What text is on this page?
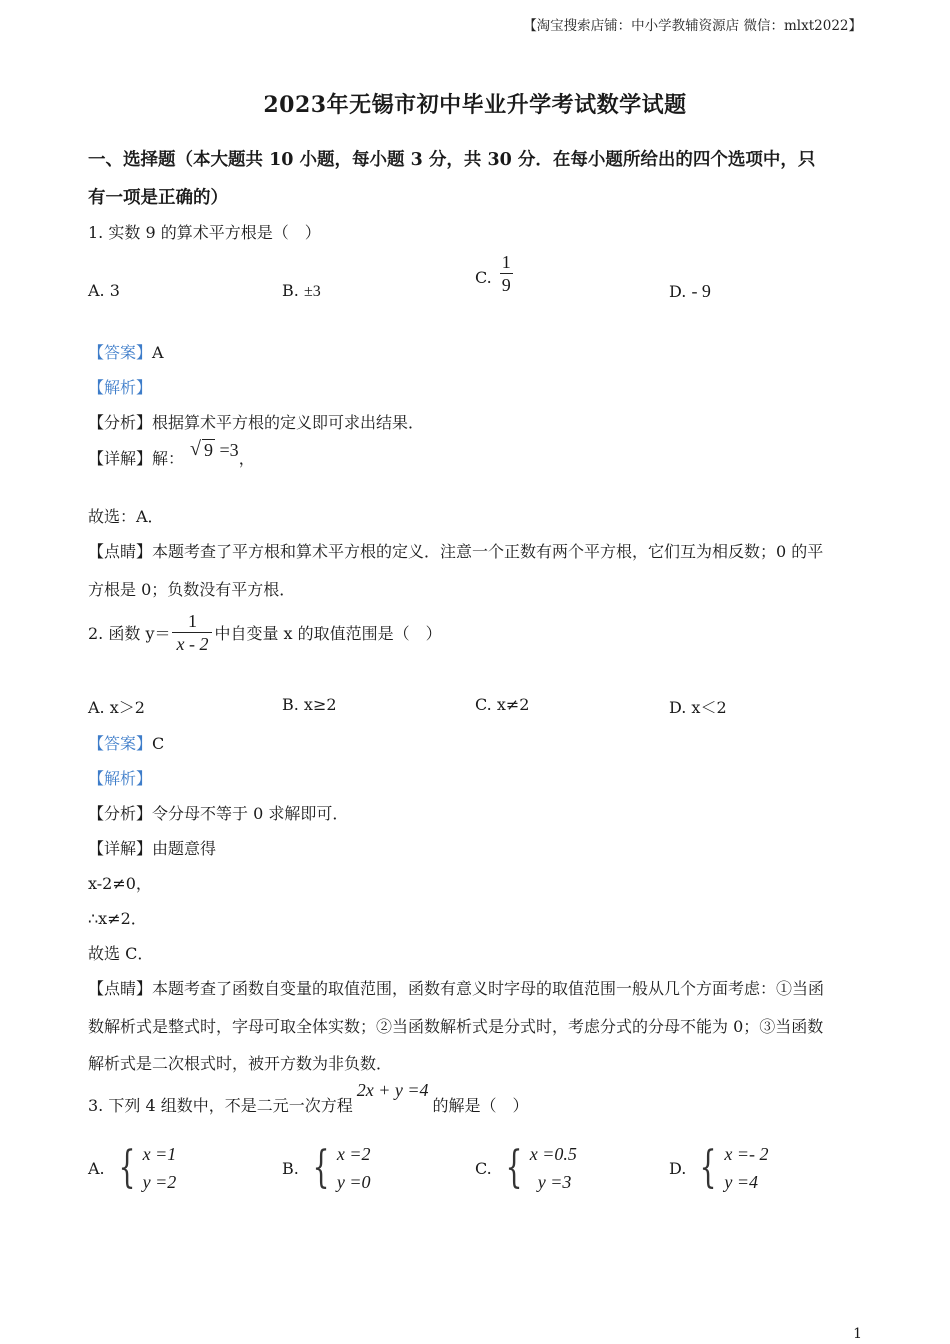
【淘宝搜索店铺：中小学教辅资源店 微信：mlxt2022】
2023年无锡市初中毕业升学考试数学试题
一、选择题（本大题共 10 小题，每小题 3 分，共 30 分．在每小题所给出的四个选项中，只
有一项是正确的）
1. 实数 9 的算术平方根是（　）
A. 3	B. ±3
C. $\frac{1}{9}$	D. - 9
【答案】A
【解析】
【分析】根据算术平方根的定义即可求出结果．
【详解】 解：
√	9 =3 ，
故选：A．
【点睛】本题考查了平方根和算术平方根的定义．注意一个正数有两个平方根，它们互为相反数；0 的平
方根是 0；负数没有平方根．
2. 函数 $y= \frac{1}{x - 2}$ 中自变量 x 的取值范围是（　）
A. x＞2	B. x≥2	C. x≠2	D. x＜2
【答案】C
【解析】
【分析】令分母不等于 0 求解即可．
【详解】由题意得
x-2≠0，
∴x≠2．
故选 C．
【点睛】本题考查了函数自变量的取值范围，函数有意义时字母的取值范围一般从几个方面考虑：①当函
数解析式是整式时，字母可取全体实数；②当函数解析式是分式时，考虑分式的分母不能为 0；③当函数
解析式是二次根式时，被开方数为非负数．
3. 下列 4 组数中，不是二元一次方程
2x + y =4
的解是（　）
A. { x =1
y =2
B. { x =2
y =0
C. { x =0.5
y =3
D. { x =- 2
y =4
1
